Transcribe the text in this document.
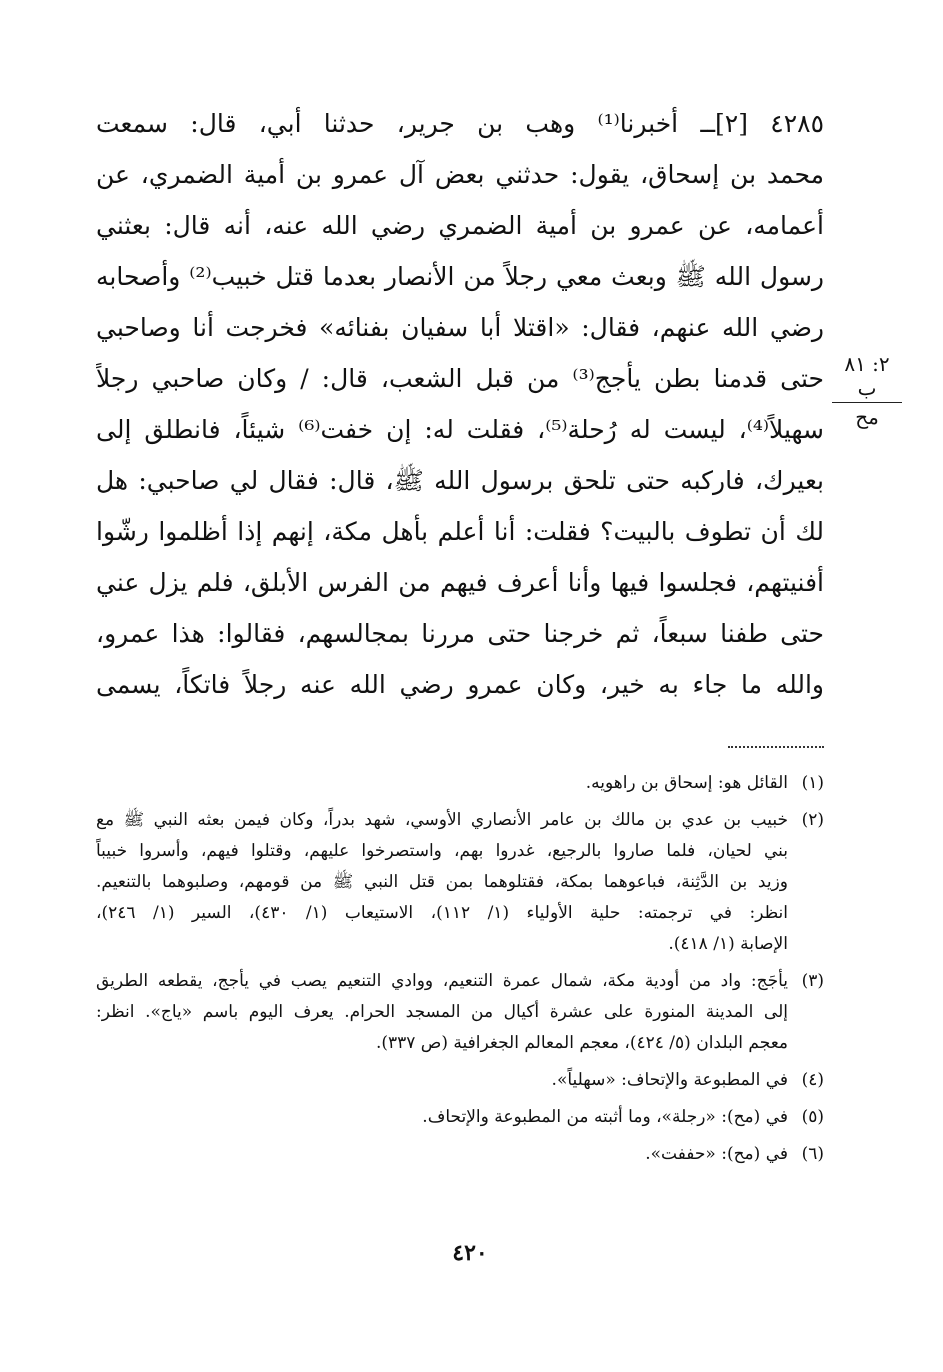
٤٢٨٥ [٢]ــ أخبرنا⁽¹⁾ وهب بن جرير، حدثنا أبي، قال: سمعت
محمد بن إسحاق، يقول: حدثني بعض آل عمرو بن أمية الضمري، عن
أعمامه، عن عمرو بن أمية الضمري رضي الله عنه، أنه قال: بعثني
رسول الله ﷺ وبعث معي رجلاً من الأنصار بعدما قتل خبيب⁽²⁾ وأصحابه
رضي الله عنهم، فقال: «اقتلا أبا سفيان بفنائه» فخرجت أنا وصاحبي
حتى قدمنا بطن يأجج⁽³⁾ من قبل الشعب، قال: / وكان صاحبي رجلاً
سهيلاً⁽⁴⁾، ليست له رُحلة⁽⁵⁾، فقلت له: إن خفت⁽⁶⁾ شيئاً، فانطلق إلى
بعيرك، فاركبه حتى تلحق برسول الله ﷺ، قال: فقال لي صاحبي: هل
لك أن تطوف بالبيت؟ فقلت: أنا أعلم بأهل مكة، إنهم إذا أظلموا رشّوا
أفنيتهم، فجلسوا فيها وأنا أعرف فيهم من الفرس الأبلق، فلم يزل عني
حتى طفنا سبعاً، ثم خرجنا حتى مررنا بمجالسهم، فقالوا: هذا عمرو،
والله ما جاء به خير، وكان عمرو رضي الله عنه رجلاً فاتكاً، يسمى
٢: ٨١ ب
مح
(١)
القائل هو: إسحاق بن راهويه.
(٢)
خبيب بن عدي بن مالك بن عامر الأنصاري الأوسي، شهد بدراً، وكان فيمن بعثه النبي ﷺ مع
بني لحيان، فلما صاروا بالرجيع، غدروا بهم، واستصرخوا عليهم، وقتلوا فيهم، وأسروا خبيباً
وزيد بن الدَّثِنة، فباعوهما بمكة، فقتلوهما بمن قتل النبي ﷺ من قومهم، وصلبوهما بالتنعيم.
انظر: في ترجمته: حلية الأولياء (١/ ١١٢)، الاستيعاب (١/ ٤٣٠)، السير (١/ ٢٤٦)،
الإصابة (١/ ٤١٨).
(٣)
يأجَج: واد من أودية مكة، شمال عمرة التنعيم، ووادي التنعيم يصب في يأجج، يقطعه الطريق
إلى المدينة المنورة على عشرة أكيال من المسجد الحرام. يعرف اليوم باسم «ياج». انظر:
معجم البلدان (٥/ ٤٢٤)، معجم المعالم الجغرافية (ص ٣٣٧).
(٤)
في المطبوعة والإتحاف: «سهلياً».
(٥)
في (مح): «رجلة»، وما أثبته من المطبوعة والإتحاف.
(٦)
في (مح): «حففت».
٤٢٠
